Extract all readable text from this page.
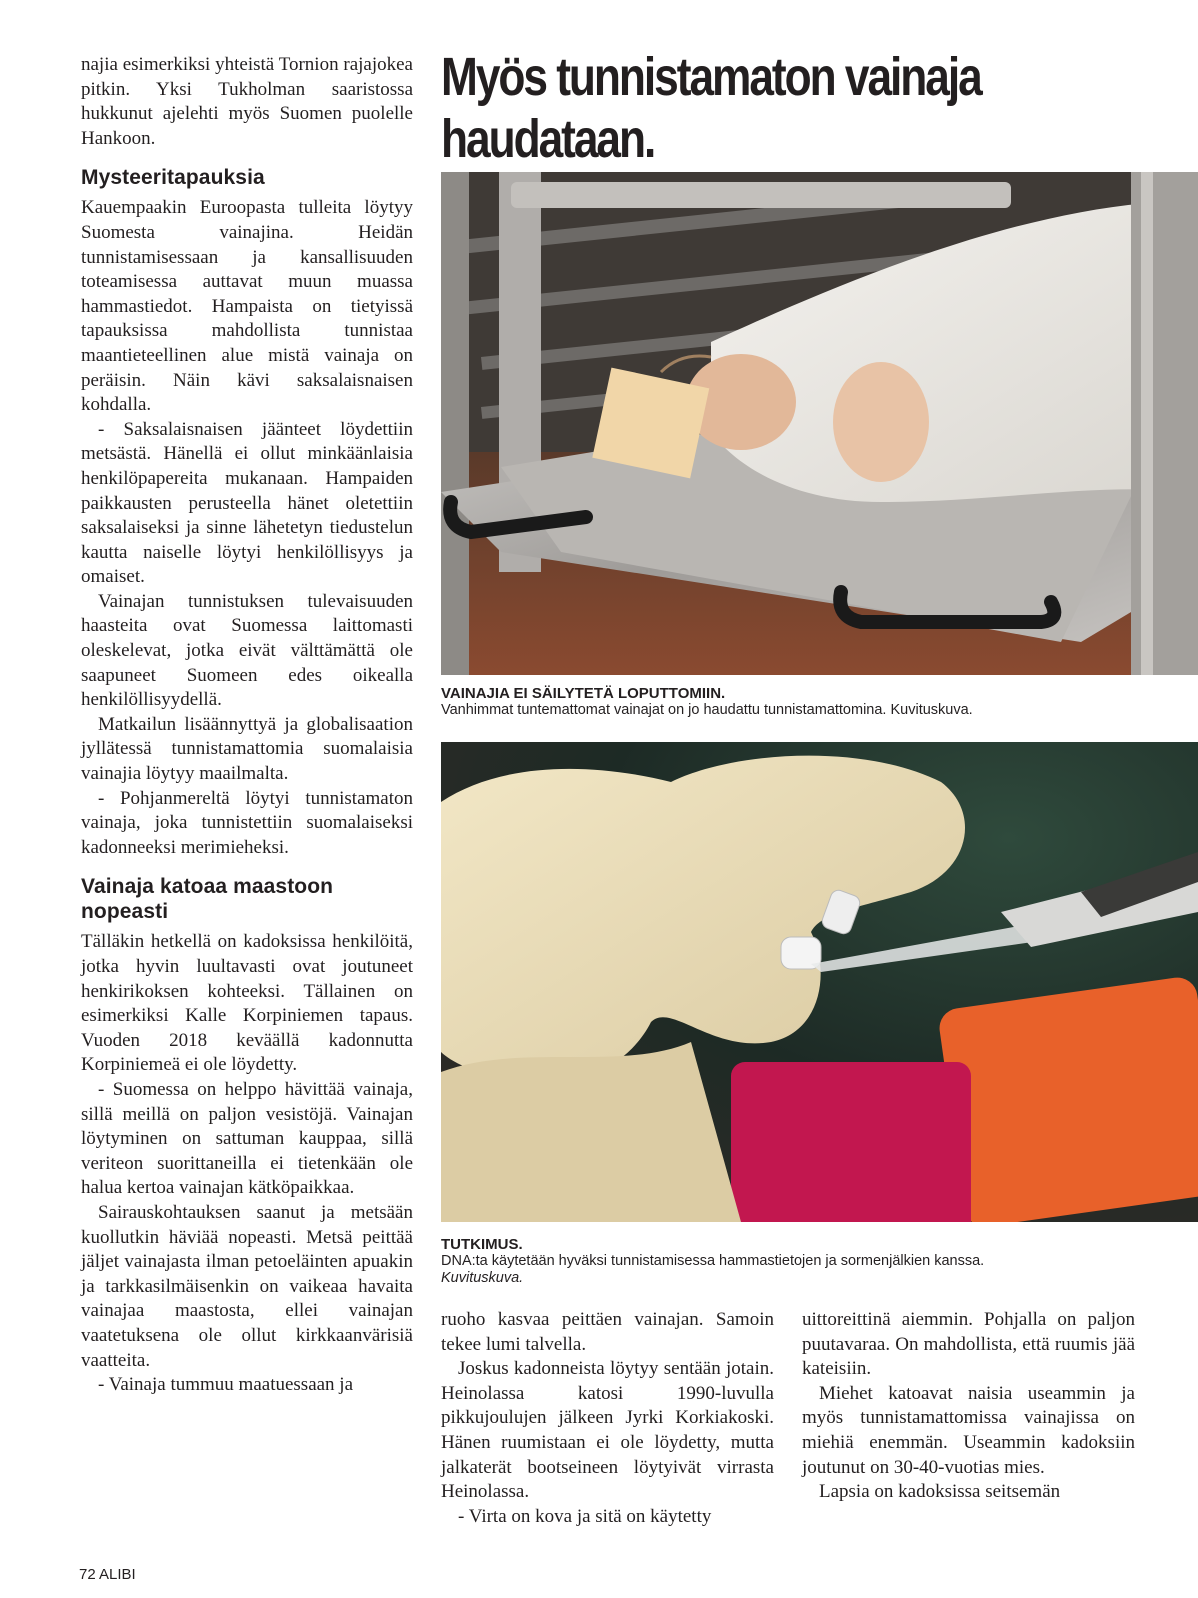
najia esimerkiksi yhteistä Tornion rajajokea pitkin. Yksi Tukholman saaristossa hukkunut ajelehti myös Suomen puolelle Hankoon.

Mysteeritapauksia

Kauempaakin Euroopasta tulleita löytyy Suomesta vainajina. Heidän tunnistamisessaan ja kansallisuuden toteamisessa auttavat muun muassa hammastiedot. Hampaista on tietyissä tapauksissa mahdollista tunnistaa maantieteellinen alue mistä vainaja on peräisin. Näin kävi saksalaisnaisen kohdalla.

- Saksalaisnaisen jäänteet löydettiin metsästä. Hänellä ei ollut minkäänlaisia henkilöpapereita mukanaan. Hampaiden paikkausten perusteella hänet oletettiin saksalaiseksi ja sinne lähetetyn tiedustelun kautta naiselle löytyi henkilöllisyys ja omaiset.

Vainajan tunnistuksen tulevaisuuden haasteita ovat Suomessa laittomasti oleskelevat, jotka eivät välttämättä ole saapuneet Suomeen edes oikealla henkilöllisyydellä.

Matkailun lisäännyttyä ja globalisaation jyllätessä tunnistamattomia suomalaisia vainajia löytyy maailmalta.

- Pohjanmereltä löytyi tunnistamaton vainaja, joka tunnistettiin suomalaiseksi kadonneeksi merimieheksi.

Vainaja katoaa maastoon nopeasti

Tälläkin hetkellä on kadoksissa henkilöitä, jotka hyvin luultavasti ovat joutuneet henkirikoksen kohteeksi. Tällainen on esimerkiksi Kalle Korpiniemen tapaus. Vuoden 2018 keväällä kadonnutta Korpiniemeä ei ole löydetty.

- Suomessa on helppo hävittää vainaja, sillä meillä on paljon vesistöjä. Vainajan löytyminen on sattuman kauppaa, sillä veriteon suorittaneilla ei tietenkään ole halua kertoa vainajan kätköpaikkaa.

Sairauskohtauksen saanut ja metsään kuollutkin häviää nopeasti. Metsä peittää jäljet vainajasta ilman petoeläinten apuakin ja tarkkasilmäisenkin on vaikeaa havaita vainajaa maastosta, ellei vainajan vaatetuksena ole ollut kirkkaanvärisiä vaatteita.

- Vainaja tummuu maatuessaan ja

Myös tunnistamaton vainaja haudataan.
VAINAJIA EI SÄILYTETÄ LOPUTTOMIIN.
Vanhimmat tuntemattomat vainajat on jo haudattu tunnistamattomina. Kuvituskuva.
TUTKIMUS.
DNA:ta käytetään hyväksi tunnistamisessa hammastietojen ja sormenjälkien kanssa.
Kuvituskuva.

ruoho kasvaa peittäen vainajan. Samoin tekee lumi talvella.

Joskus kadonneista löytyy sentään jotain. Heinolassa katosi 1990-luvulla pikkujoulujen jälkeen Jyrki Korkiakoski. Hänen ruumistaan ei ole löydetty, mutta jalkaterät bootseineen löytyivät virrasta Heinolassa.

- Virta on kova ja sitä on käytetty

uittoreittinä aiemmin. Pohjalla on paljon puutavaraa. On mahdollista, että ruumis jää kateisiin.

Miehet katoavat naisia useammin ja myös tunnistamattomissa vainajissa on miehiä enemmän. Useammin kadoksiin joutunut on 30-40-vuotias mies.

Lapsia on kadoksissa seitsemän

72 ALIBI
